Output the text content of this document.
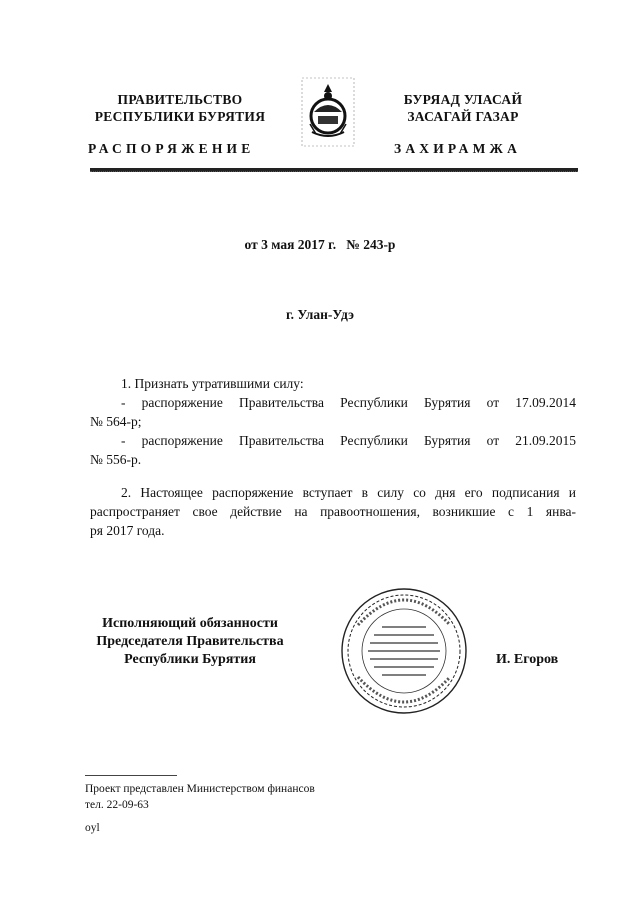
ПРАВИТЕЛЬСТВО
РЕСПУБЛИКИ БУРЯТИЯ
БУРЯАД УЛАСАЙ
ЗАСАГАЙ ГАЗАР
РАСПОРЯЖЕНИЕ	ЗАХИРАМЖА
от 3 мая 2017 г.   № 243-р
г. Улан-Удэ
1. Признать утратившими силу:
- распоряжение Правительства Республики Бурятия от 17.09.2014
№ 564-р;
- распоряжение Правительства Республики Бурятия от 21.09.2015
№ 556-р.
2. Настоящее распоряжение вступает в силу со дня его подписания и
распространяет свое действие на правоотношения, возникшие с 1 янва-
ря 2017 года.
Исполняющий обязанности
Председателя Правительства
Республики Бурятия	И. Егоров
Проект представлен Министерством финансов
тел. 22-09-63
oyl
